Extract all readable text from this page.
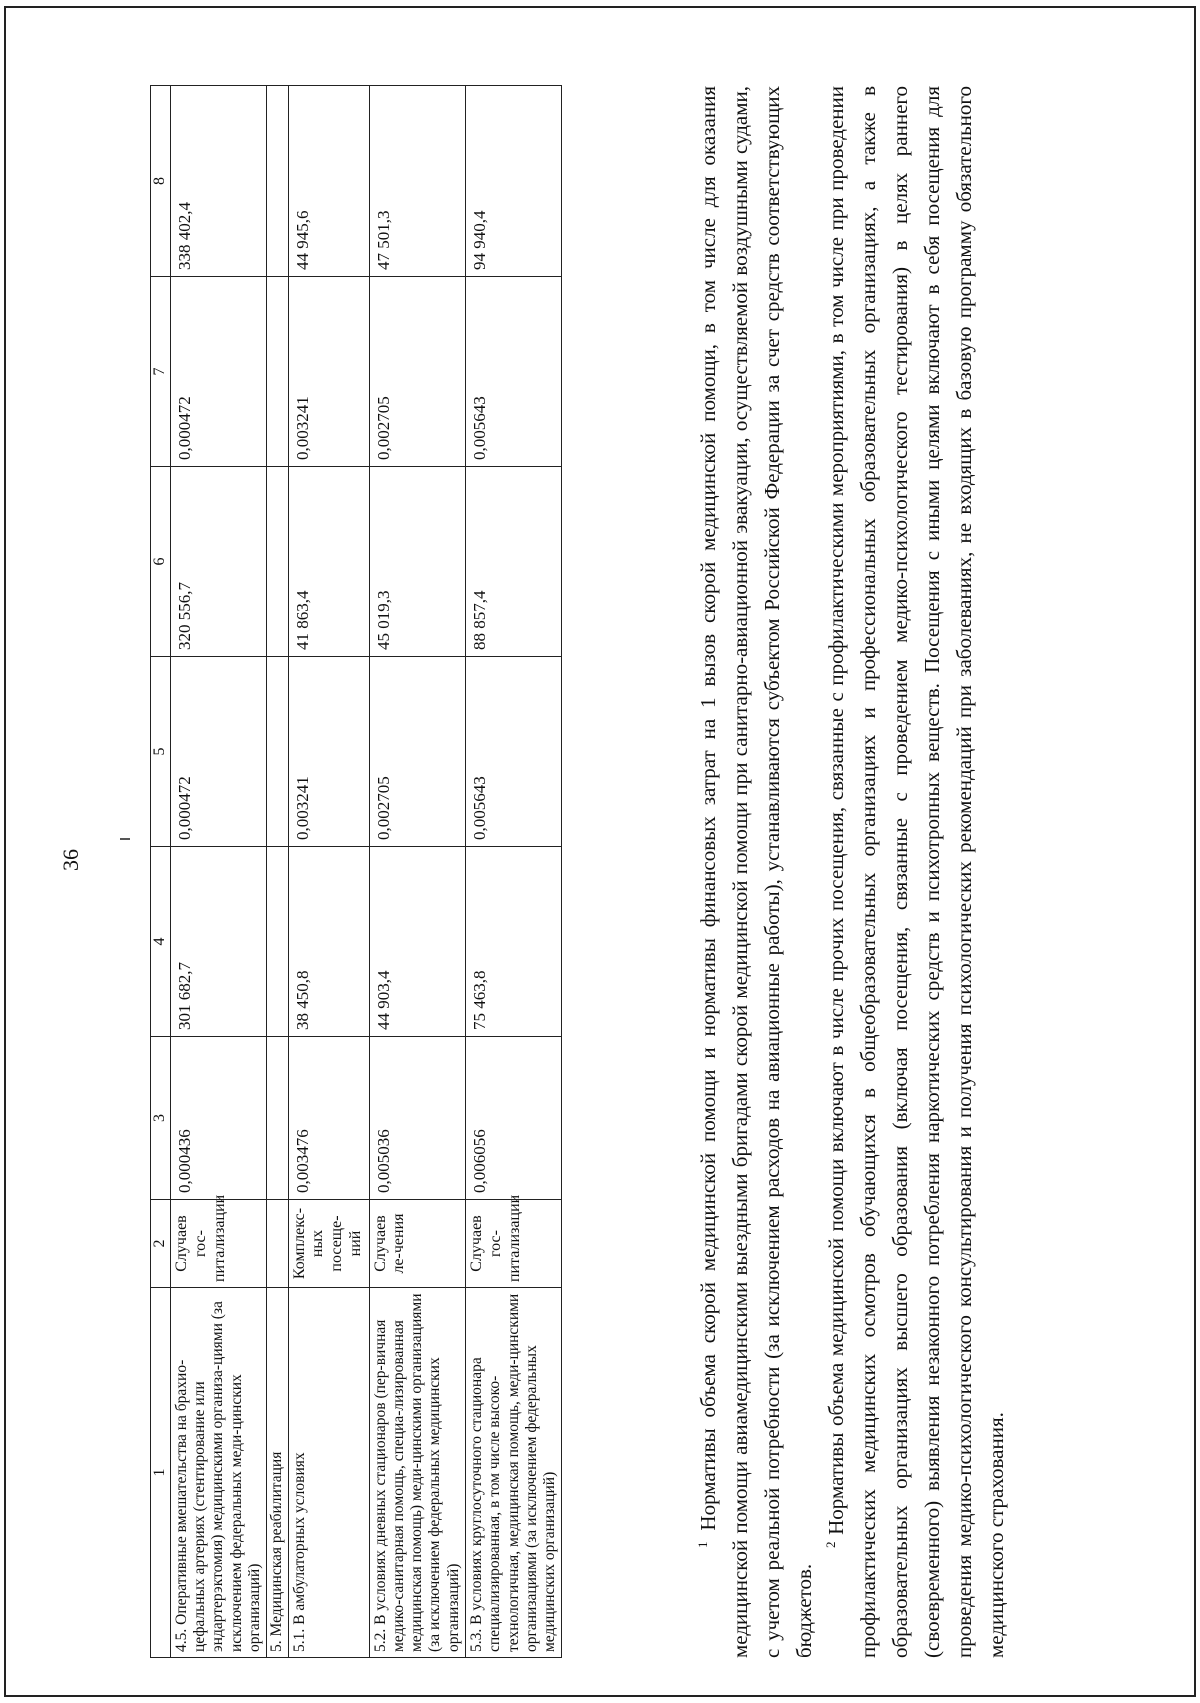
36
1	2	3	4	5	6	7	8
4.5. Оперативные вмешательства на брахио-цефальных артериях (стентирование или эндартерэктомия) медицинскими организа-циями (за исключением федеральных меди-цинских организаций)	Случаев гос-питализации	0,000436	301 682,7	0,000472	320 556,7	0,000472	338 402,4
5. Медицинская реабилитация							
5.1. В амбулаторных условиях	Комплекс-ных посеще-ний	0,003476	38 450,8	0,003241	41 863,4	0,003241	44 945,6
5.2. В условиях дневных стационаров (пер-вичная медико-санитарная помощь, специа-лизированная медицинская помощь) меди-цинскими организациями (за исключением федеральных медицинских организаций)	Случаев ле-чения	0,005036	44 903,4	0,002705	45 019,3	0,002705	47 501,3
5.3. В условиях круглосуточного стационара специализированная, в том числе высоко-технологичная, медицинская помощь, меди-цинскими организациями (за исключением федеральных медицинских организаций)	Случаев гос-питализации	0,006056	75 463,8	0,005643	88 857,4	0,005643	94 940,4

$^1$ Нормативы объема скорой медицинской помощи и нормативы финансовых затрат на 1 вызов скорой медицинской помощи, в том числе для оказания медицинской помощи авиамедицинскими выездными бригадами скорой медицинской помощи при санитарно-авиационной эвакуации, осуществляемой воздушными судами, с учетом реальной потребности (за исключением расходов на авиационные работы), устанавливаются субъектом Российской Федерации за счет средств соответствующих бюджетов.

$^2$ Нормативы объема медицинской помощи включают в числе прочих посещения, связанные с профилактическими мероприятиями, в том числе при проведении профилактических медицинских осмотров обучающихся в общеобразовательных организациях и профессиональных образовательных организациях, а также в образовательных организациях высшего образования (включая посещения, связанные с проведением медико-психологического тестирования) в целях раннего (своевременного) выявления незаконного потребления наркотических средств и психотропных веществ. Посещения с иными целями включают в себя посещения для проведения медико-психологического консультирования и получения психологических рекомендаций при заболеваниях, не входящих в базовую программу обязательного медицинского страхования.
